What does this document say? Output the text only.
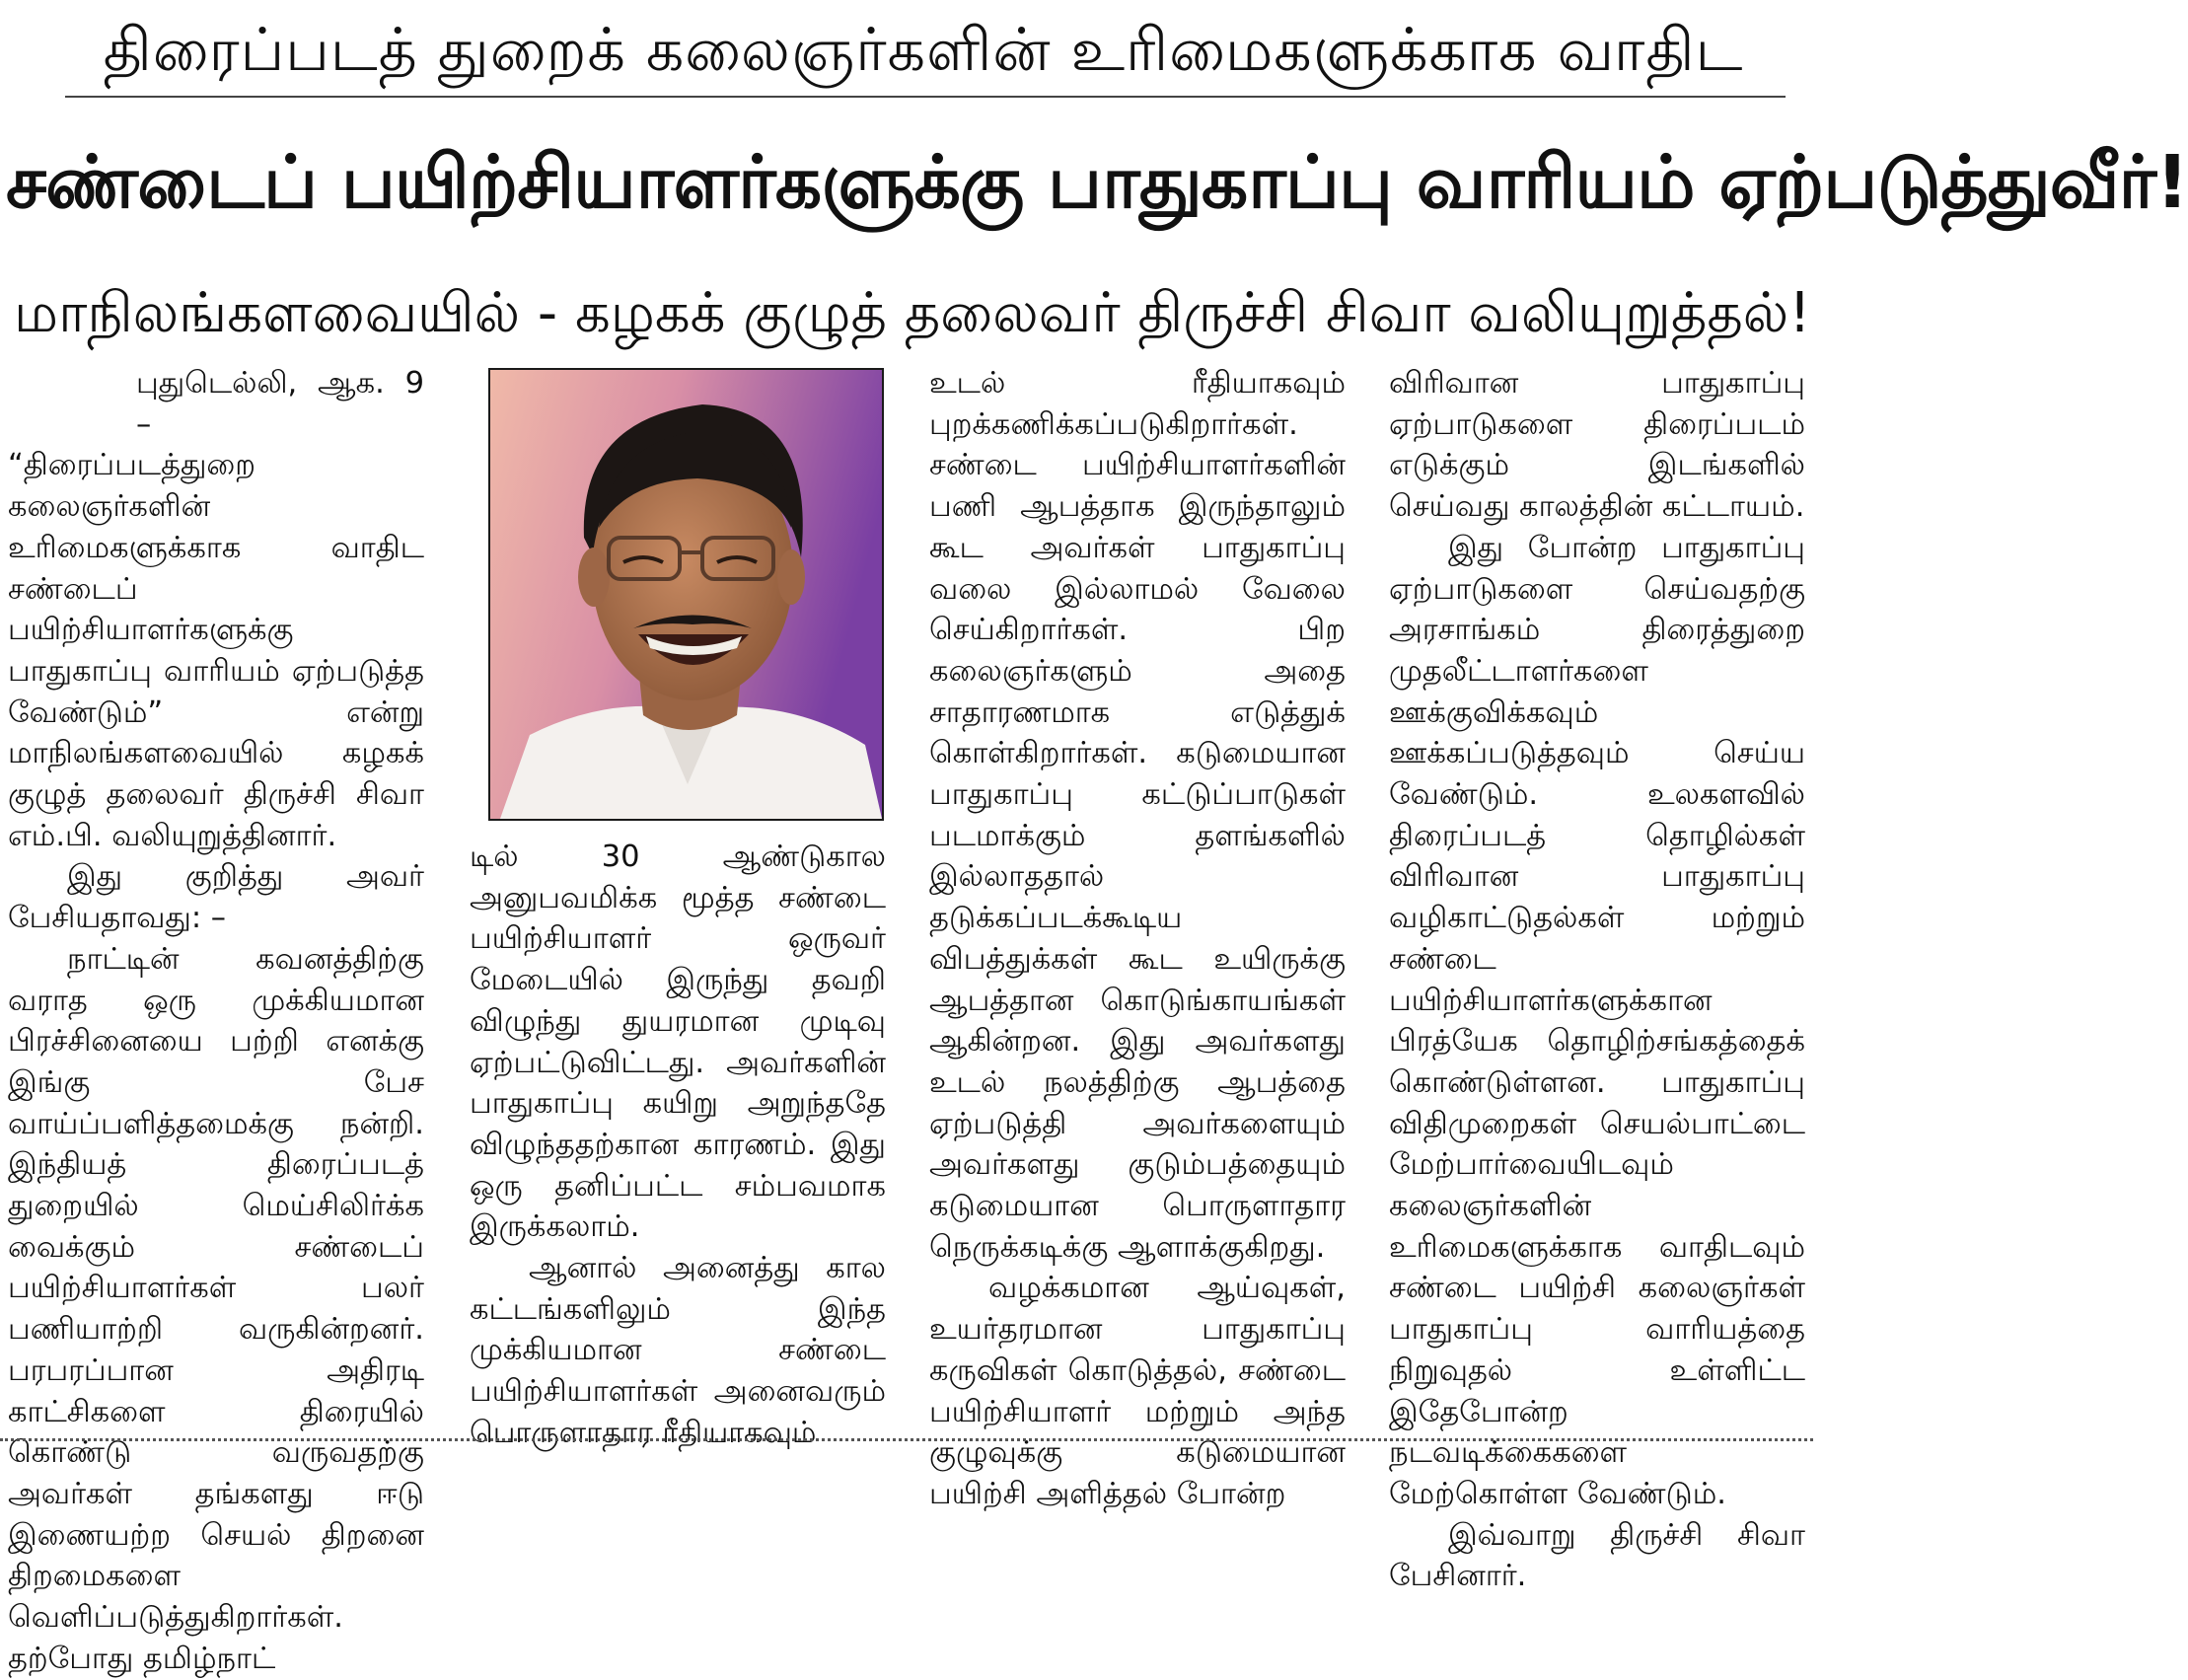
திரைப்படத் துறைக் கலைஞர்களின் உரிமைகளுக்காக வாதிட
சண்டைப் பயிற்சியாளர்களுக்கு பாதுகாப்பு வாரியம் ஏற்படுத்துவீர்!
மாநிலங்களவையில் - கழகக் குழுத் தலைவர் திருச்சி சிவா வலியுறுத்தல்!

புதுடெல்லி, ஆக. 9 –

“திரைப்படத்துறை கலைஞர்களின் உரிமைகளுக்காக வாதிட சண்டைப் பயிற்சியாளர்களுக்கு பாதுகாப்பு வாரியம் ஏற்படுத்த வேண்டும்” என்று மாநிலங்களவையில் கழகக் குழுத் தலைவர் திருச்சி சிவா எம்.பி. வலியுறுத்தினார்.

இது குறித்து அவர் பேசியதாவது: –

நாட்டின் கவனத்திற்கு வராத ஒரு முக்கியமான பிரச்சினையை பற்றி எனக்கு இங்கு பேச வாய்ப்பளித்தமைக்கு நன்றி. இந்தியத் திரைப்படத் துறையில் மெய்சிலிர்க்க வைக்கும் சண்டைப் பயிற்சியாளர்கள் பலர் பணியாற்றி வருகின்றனர். பரபரப்பான அதிரடி காட்சிகளை திரையில் கொண்டு வருவதற்கு அவர்கள் தங்களது ஈடு இணையற்ற செயல் திறனை திறமைகளை வெளிப்படுத்துகிறார்கள். தற்போது தமிழ்நாட்

டில் 30 ஆண்டுகால அனுபவமிக்க மூத்த சண்டை பயிற்சியாளர் ஒருவர் மேடையில் இருந்து தவறி விழுந்து துயரமான முடிவு ஏற்பட்டுவிட்டது. அவர்களின் பாதுகாப்பு கயிறு அறுந்ததே விழுந்ததற்கான காரணம். இது ஒரு தனிப்பட்ட சம்பவமாக இருக்கலாம்.

ஆனால் அனைத்து கால கட்டங்களிலும் இந்த முக்கியமான சண்டை பயிற்சியாளர்கள் அனைவரும் பொருளாதார ரீதியாகவும்

உடல் ரீதியாகவும் புறக்கணிக்கப்படுகிறார்கள். சண்டை பயிற்சியாளர்களின் பணி ஆபத்தாக இருந்தாலும் கூட அவர்கள் பாதுகாப்பு வலை இல்லாமல் வேலை செய்கிறார்கள். பிற கலைஞர்களும் அதை சாதாரணமாக எடுத்துக் கொள்கிறார்கள். கடுமையான பாதுகாப்பு கட்டுப்பாடுகள் படமாக்கும் தளங்களில் இல்லாததால் தடுக்கப்படக்கூடிய விபத்துக்கள் கூட உயிருக்கு ஆபத்தான கொடுங்காயங்கள் ஆகின்றன. இது அவர்களது உடல் நலத்திற்கு ஆபத்தை ஏற்படுத்தி அவர்களையும் அவர்களது குடும்பத்தையும் கடுமையான பொருளாதார நெருக்கடிக்கு ஆளாக்குகிறது.

வழக்கமான ஆய்வுகள், உயர்தரமான பாதுகாப்பு கருவிகள் கொடுத்தல், சண்டை பயிற்சியாளர் மற்றும் அந்த குழுவுக்கு கடுமையான பயிற்சி அளித்தல் போன்ற

விரிவான பாதுகாப்பு ஏற்பாடுகளை திரைப்படம் எடுக்கும் இடங்களில் செய்வது காலத்தின் கட்டாயம்.

இது போன்ற பாதுகாப்பு ஏற்பாடுகளை செய்வதற்கு அரசாங்கம் திரைத்துறை முதலீட்டாளர்களை ஊக்குவிக்கவும் ஊக்கப்படுத்தவும் செய்ய வேண்டும். உலகளவில் திரைப்படத் தொழில்கள் விரிவான பாதுகாப்பு வழிகாட்டுதல்கள் மற்றும் சண்டை பயிற்சியாளர்களுக்கான பிரத்யேக தொழிற்சங்கத்தைக் கொண்டுள்ளன. பாதுகாப்பு விதிமுறைகள் செயல்பாட்டை மேற்பார்வையிடவும் கலைஞர்களின் உரிமைகளுக்காக வாதிடவும் சண்டை பயிற்சி கலைஞர்கள் பாதுகாப்பு வாரியத்தை நிறுவுதல் உள்ளிட்ட இதேபோன்ற நடவடிக்கைகளை மேற்கொள்ள வேண்டும்.

இவ்வாறு திருச்சி சிவா பேசினார்.
